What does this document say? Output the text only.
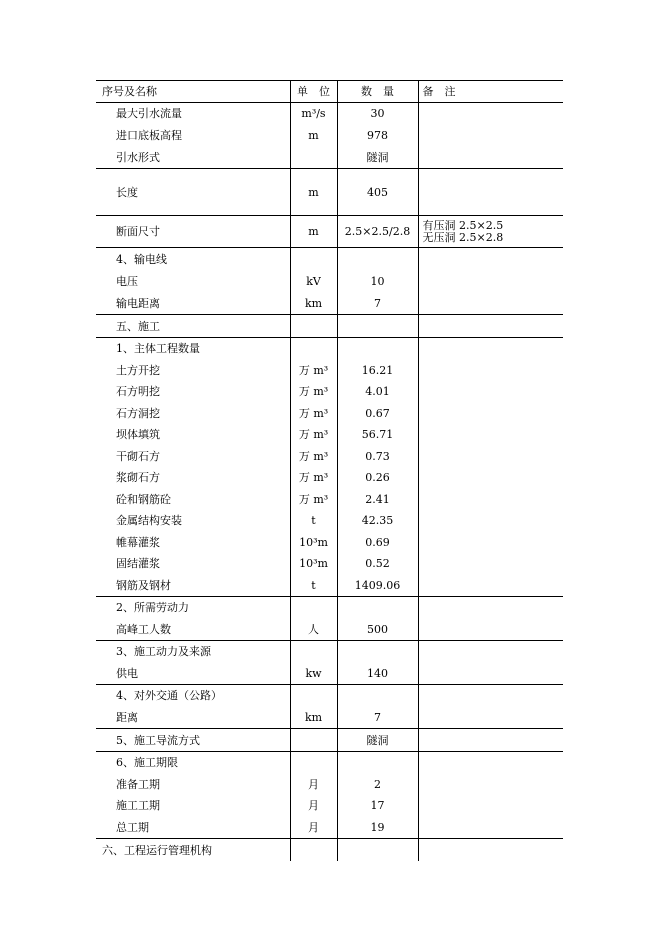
序号及名称	单　位	数　量	备　注
最大引水流量	m³/s	30	
进口底板高程	m	978	
引水形式		隧洞	
长度	m	405	
断面尺寸	m	2.5×2.5/2.8	有压洞 2.5×2.5
无压洞 2.5×2.8

4、输电线			
电压	kV	10	
输电距离	km	7	
五、施工			
1、主体工程数量			
土方开挖	万 m³	16.21	
石方明挖	万 m³	4.01	
石方洞挖	万 m³	0.67	
坝体填筑	万 m³	56.71	
干砌石方	万 m³	0.73	
浆砌石方	万 m³	0.26	
砼和钢筋砼	万 m³	2.41	
金属结构安装	t	42.35	
帷幕灌浆	10³m	0.69	
固结灌浆	10³m	0.52	
钢筋及钢材	t	1409.06	
2、所需劳动力			
高峰工人数	人	500	
3、施工动力及来源			
供电	kw	140	
4、对外交通（公路）			
距离	km	7	
5、施工导流方式		隧洞	
6、施工期限			
准备工期	月	2	
施工工期	月	17	
总工期	月	19	
六、工程运行管理机构			
